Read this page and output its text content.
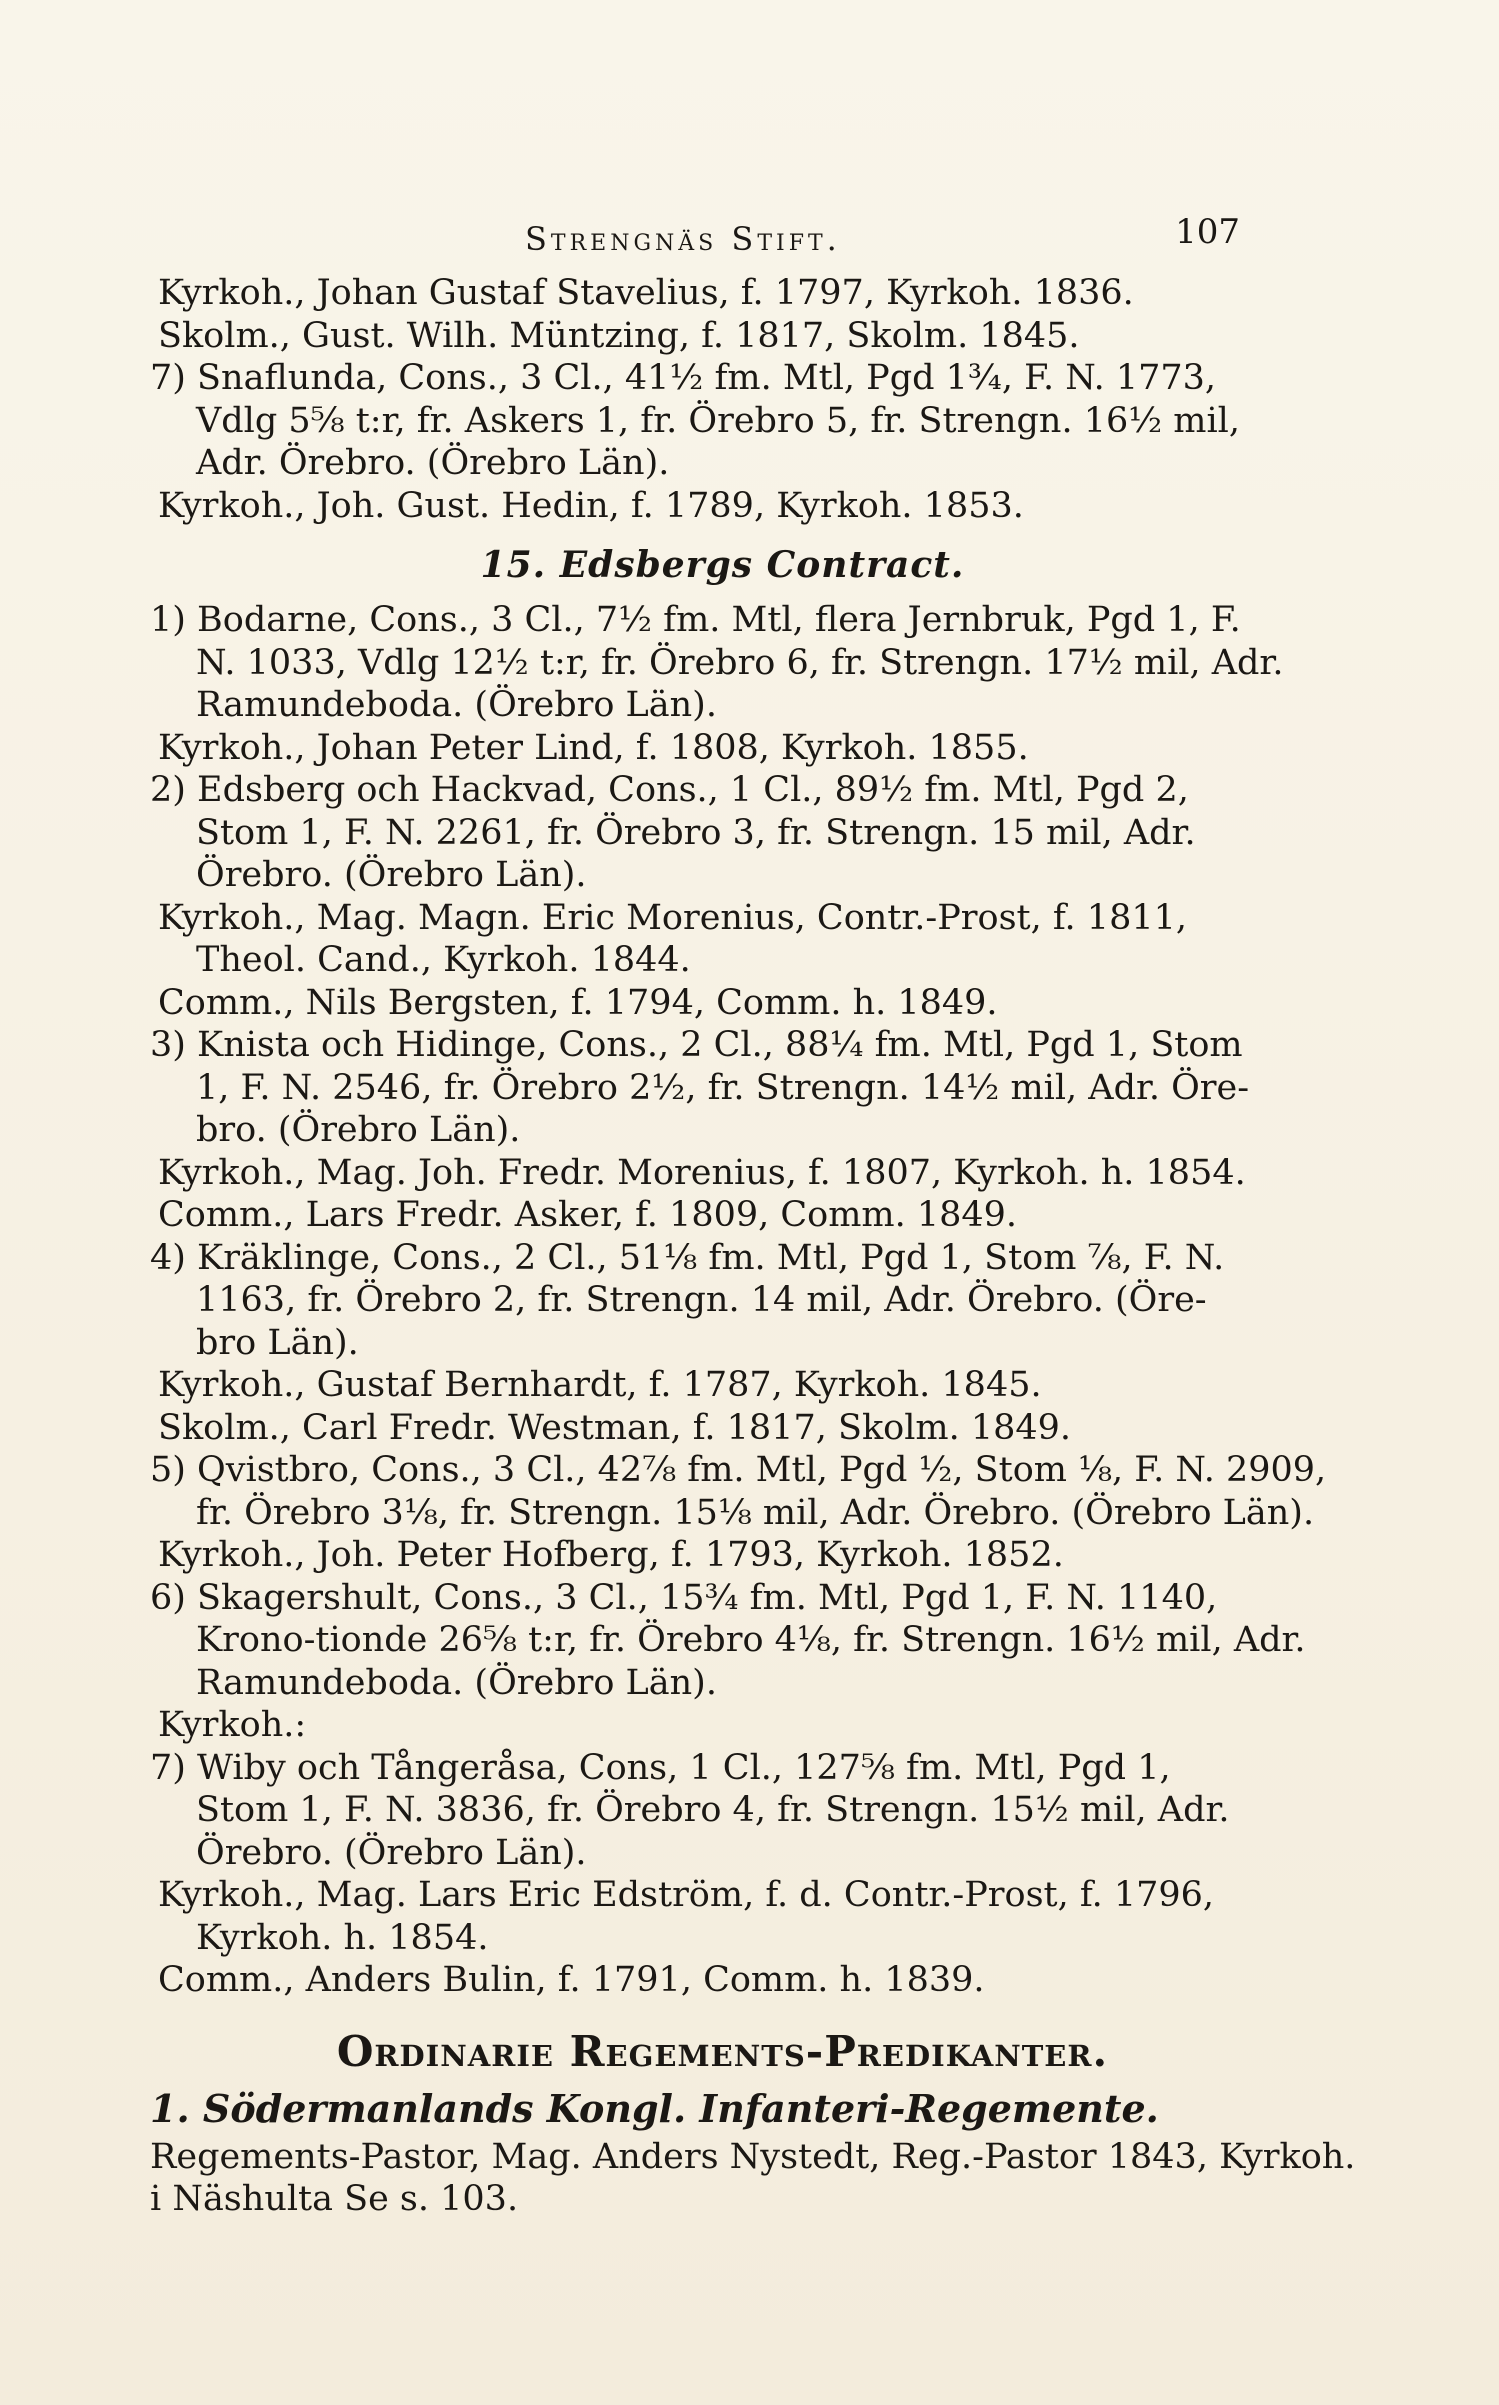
Strengnäs Stift.	107
Kyrkoh., Johan Gustaf Stavelius, f. 1797, Kyrkoh. 1836.
Skolm., Gust. Wilh. Müntzing, f. 1817, Skolm. 1845.
7) Snaflunda, Cons., 3 Cl., 41½ fm. Mtl, Pgd 1¾, F. N. 1773,
Vdlg 5⅝ t:r, fr. Askers 1, fr. Örebro 5, fr. Strengn. 16½ mil,
Adr. Örebro. (Örebro Län).
Kyrkoh., Joh. Gust. Hedin, f. 1789, Kyrkoh. 1853.
15. Edsbergs Contract.
1) Bodarne, Cons., 3 Cl., 7½ fm. Mtl, flera Jernbruk, Pgd 1, F.
N. 1033, Vdlg 12½ t:r, fr. Örebro 6, fr. Strengn. 17½ mil, Adr.
Ramundeboda. (Örebro Län).
Kyrkoh., Johan Peter Lind, f. 1808, Kyrkoh. 1855.
2) Edsberg och Hackvad, Cons., 1 Cl., 89½ fm. Mtl, Pgd 2,
Stom 1, F. N. 2261, fr. Örebro 3, fr. Strengn. 15 mil, Adr.
Örebro. (Örebro Län).
Kyrkoh., Mag. Magn. Eric Morenius, Contr.-Prost, f. 1811,
Theol. Cand., Kyrkoh. 1844.
Comm., Nils Bergsten, f. 1794, Comm. h. 1849.
3) Knista och Hidinge, Cons., 2 Cl., 88¼ fm. Mtl, Pgd 1, Stom
1, F. N. 2546, fr. Örebro 2½, fr. Strengn. 14½ mil, Adr. Öre-
bro. (Örebro Län).
Kyrkoh., Mag. Joh. Fredr. Morenius, f. 1807, Kyrkoh. h. 1854.
Comm., Lars Fredr. Asker, f. 1809, Comm. 1849.
4) Kräklinge, Cons., 2 Cl., 51⅛ fm. Mtl, Pgd 1, Stom ⅞, F. N.
1163, fr. Örebro 2, fr. Strengn. 14 mil, Adr. Örebro. (Öre-
bro Län).
Kyrkoh., Gustaf Bernhardt, f. 1787, Kyrkoh. 1845.
Skolm., Carl Fredr. Westman, f. 1817, Skolm. 1849.
5) Qvistbro, Cons., 3 Cl., 42⅞ fm. Mtl, Pgd ½, Stom ⅛, F. N. 2909,
fr. Örebro 3⅛, fr. Strengn. 15⅛ mil, Adr. Örebro. (Örebro Län).
Kyrkoh., Joh. Peter Hofberg, f. 1793, Kyrkoh. 1852.
6) Skagershult, Cons., 3 Cl., 15¾ fm. Mtl, Pgd 1, F. N. 1140,
Krono-tionde 26⅝ t:r, fr. Örebro 4⅛, fr. Strengn. 16½ mil, Adr.
Ramundeboda. (Örebro Län).
Kyrkoh.:
7) Wiby och Tångeråsa, Cons, 1 Cl., 127⅝ fm. Mtl, Pgd 1,
Stom 1, F. N. 3836, fr. Örebro 4, fr. Strengn. 15½ mil, Adr.
Örebro. (Örebro Län).
Kyrkoh., Mag. Lars Eric Edström, f. d. Contr.-Prost, f. 1796,
Kyrkoh. h. 1854.
Comm., Anders Bulin, f. 1791, Comm. h. 1839.
Ordinarie Regements-Predikanter.
1. Södermanlands Kongl. Infanteri-Regemente.
Regements-Pastor, Mag. Anders Nystedt, Reg.-Pastor 1843, Kyrkoh.
i Näshulta Se s. 103.
